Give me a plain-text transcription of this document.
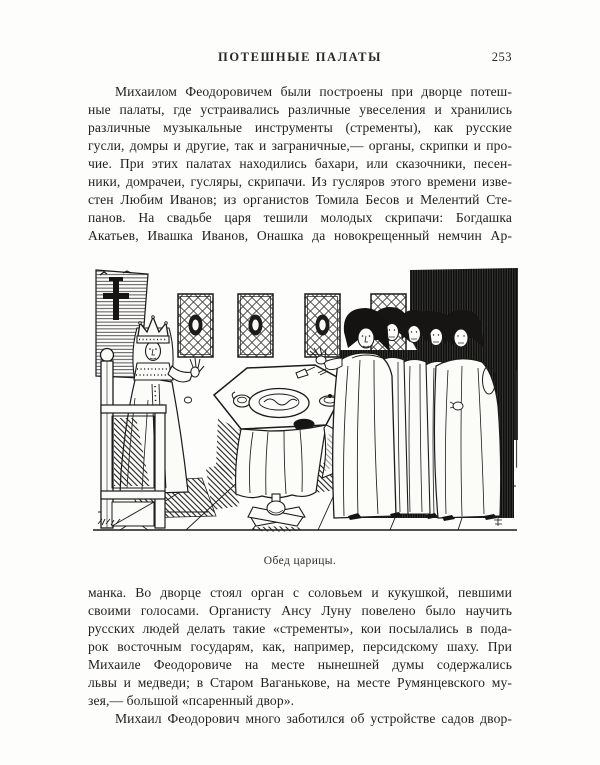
ПОТЕШНЫЕ ПАЛАТЫ	253
Михаилом Феодоровичем были построены при дворце потеш-
ные палаты, где устраивались различные увеселения и хранились
различные музыкальные инструменты (стременты), как русские
гусли, домры и другие, так и заграничные,— органы, скрипки и про-
чие. При этих палатах находились бахари, или сказочники, песен-
ники, домрачеи, гусляры, скрипачи. Из гусляров этого времени изве-
стен Любим Иванов; из органистов Томила Бесов и Мелентий Сте-
панов. На свадьбе царя тешили молодых скрипачи: Богдашка
Акатьев, Ивашка Иванов, Онашка да новокрещенный немчин Ар-
Обед царицы.
манка. Во дворце стоял орган с соловьем и кукушкой, певшими
своими голосами. Органисту Ансу Луну повелено было научить
русских людей делать такие «стременты», кои посылались в пода-
рок восточным государям, как, например, персидскому шаху. При
Михаиле Феодоровиче на месте нынешней думы содержались
львы и медведи; в Старом Ваганькове, на месте Румянцевского му-
зея,— большой «псаренный двор».
Михаил Феодорович много заботился об устройстве садов двор-
